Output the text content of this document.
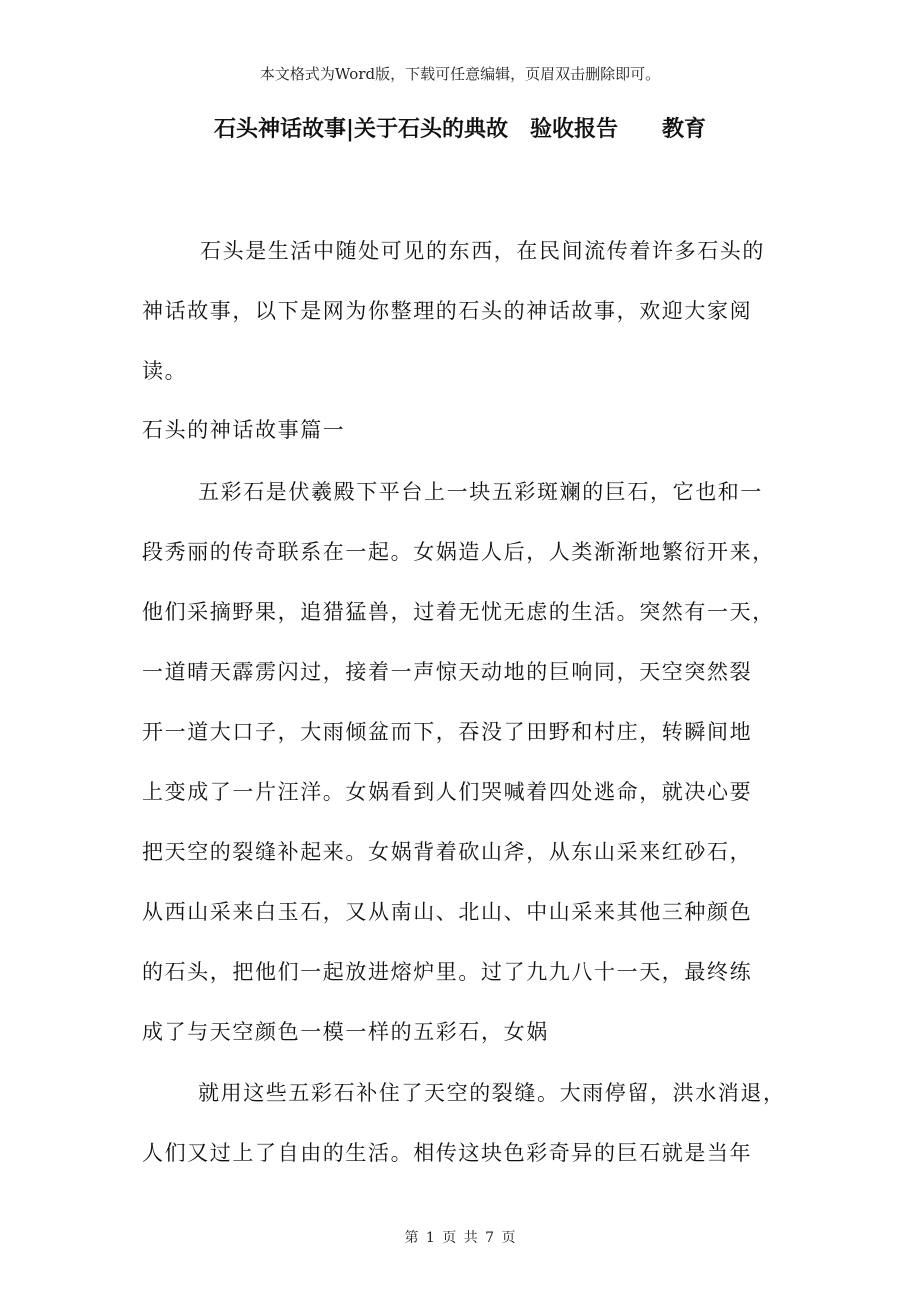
本文格式为Word版，下载可任意编辑，页眉双击删除即可。
石头神话故事|关于石头的典故　验收报告　　教育
石头是生活中随处可见的东西，在民间流传着许多石头的
神话故事，以下是网为你整理的石头的神话故事，欢迎大家阅
读。
石头的神话故事篇一
五彩石是伏羲殿下平台上一块五彩斑斓的巨石，它也和一
段秀丽的传奇联系在一起。女娲造人后，人类渐渐地繁衍开来，
他们采摘野果，追猎猛兽，过着无忧无虑的生活。突然有一天，
一道晴天霹雳闪过，接着一声惊天动地的巨响同，天空突然裂
开一道大口子，大雨倾盆而下，吞没了田野和村庄，转瞬间地
上变成了一片汪洋。女娲看到人们哭喊着四处逃命，就决心要
把天空的裂缝补起来。女娲背着砍山斧，从东山采来红砂石，
从西山采来白玉石，又从南山、北山、中山采来其他三种颜色
的石头，把他们一起放进熔炉里。过了九九八十一天，最终练
成了与天空颜色一模一样的五彩石，女娲
就用这些五彩石补住了天空的裂缝。大雨停留，洪水消退，
人们又过上了自由的生活。相传这块色彩奇异的巨石就是当年
第 1 页 共 7 页
